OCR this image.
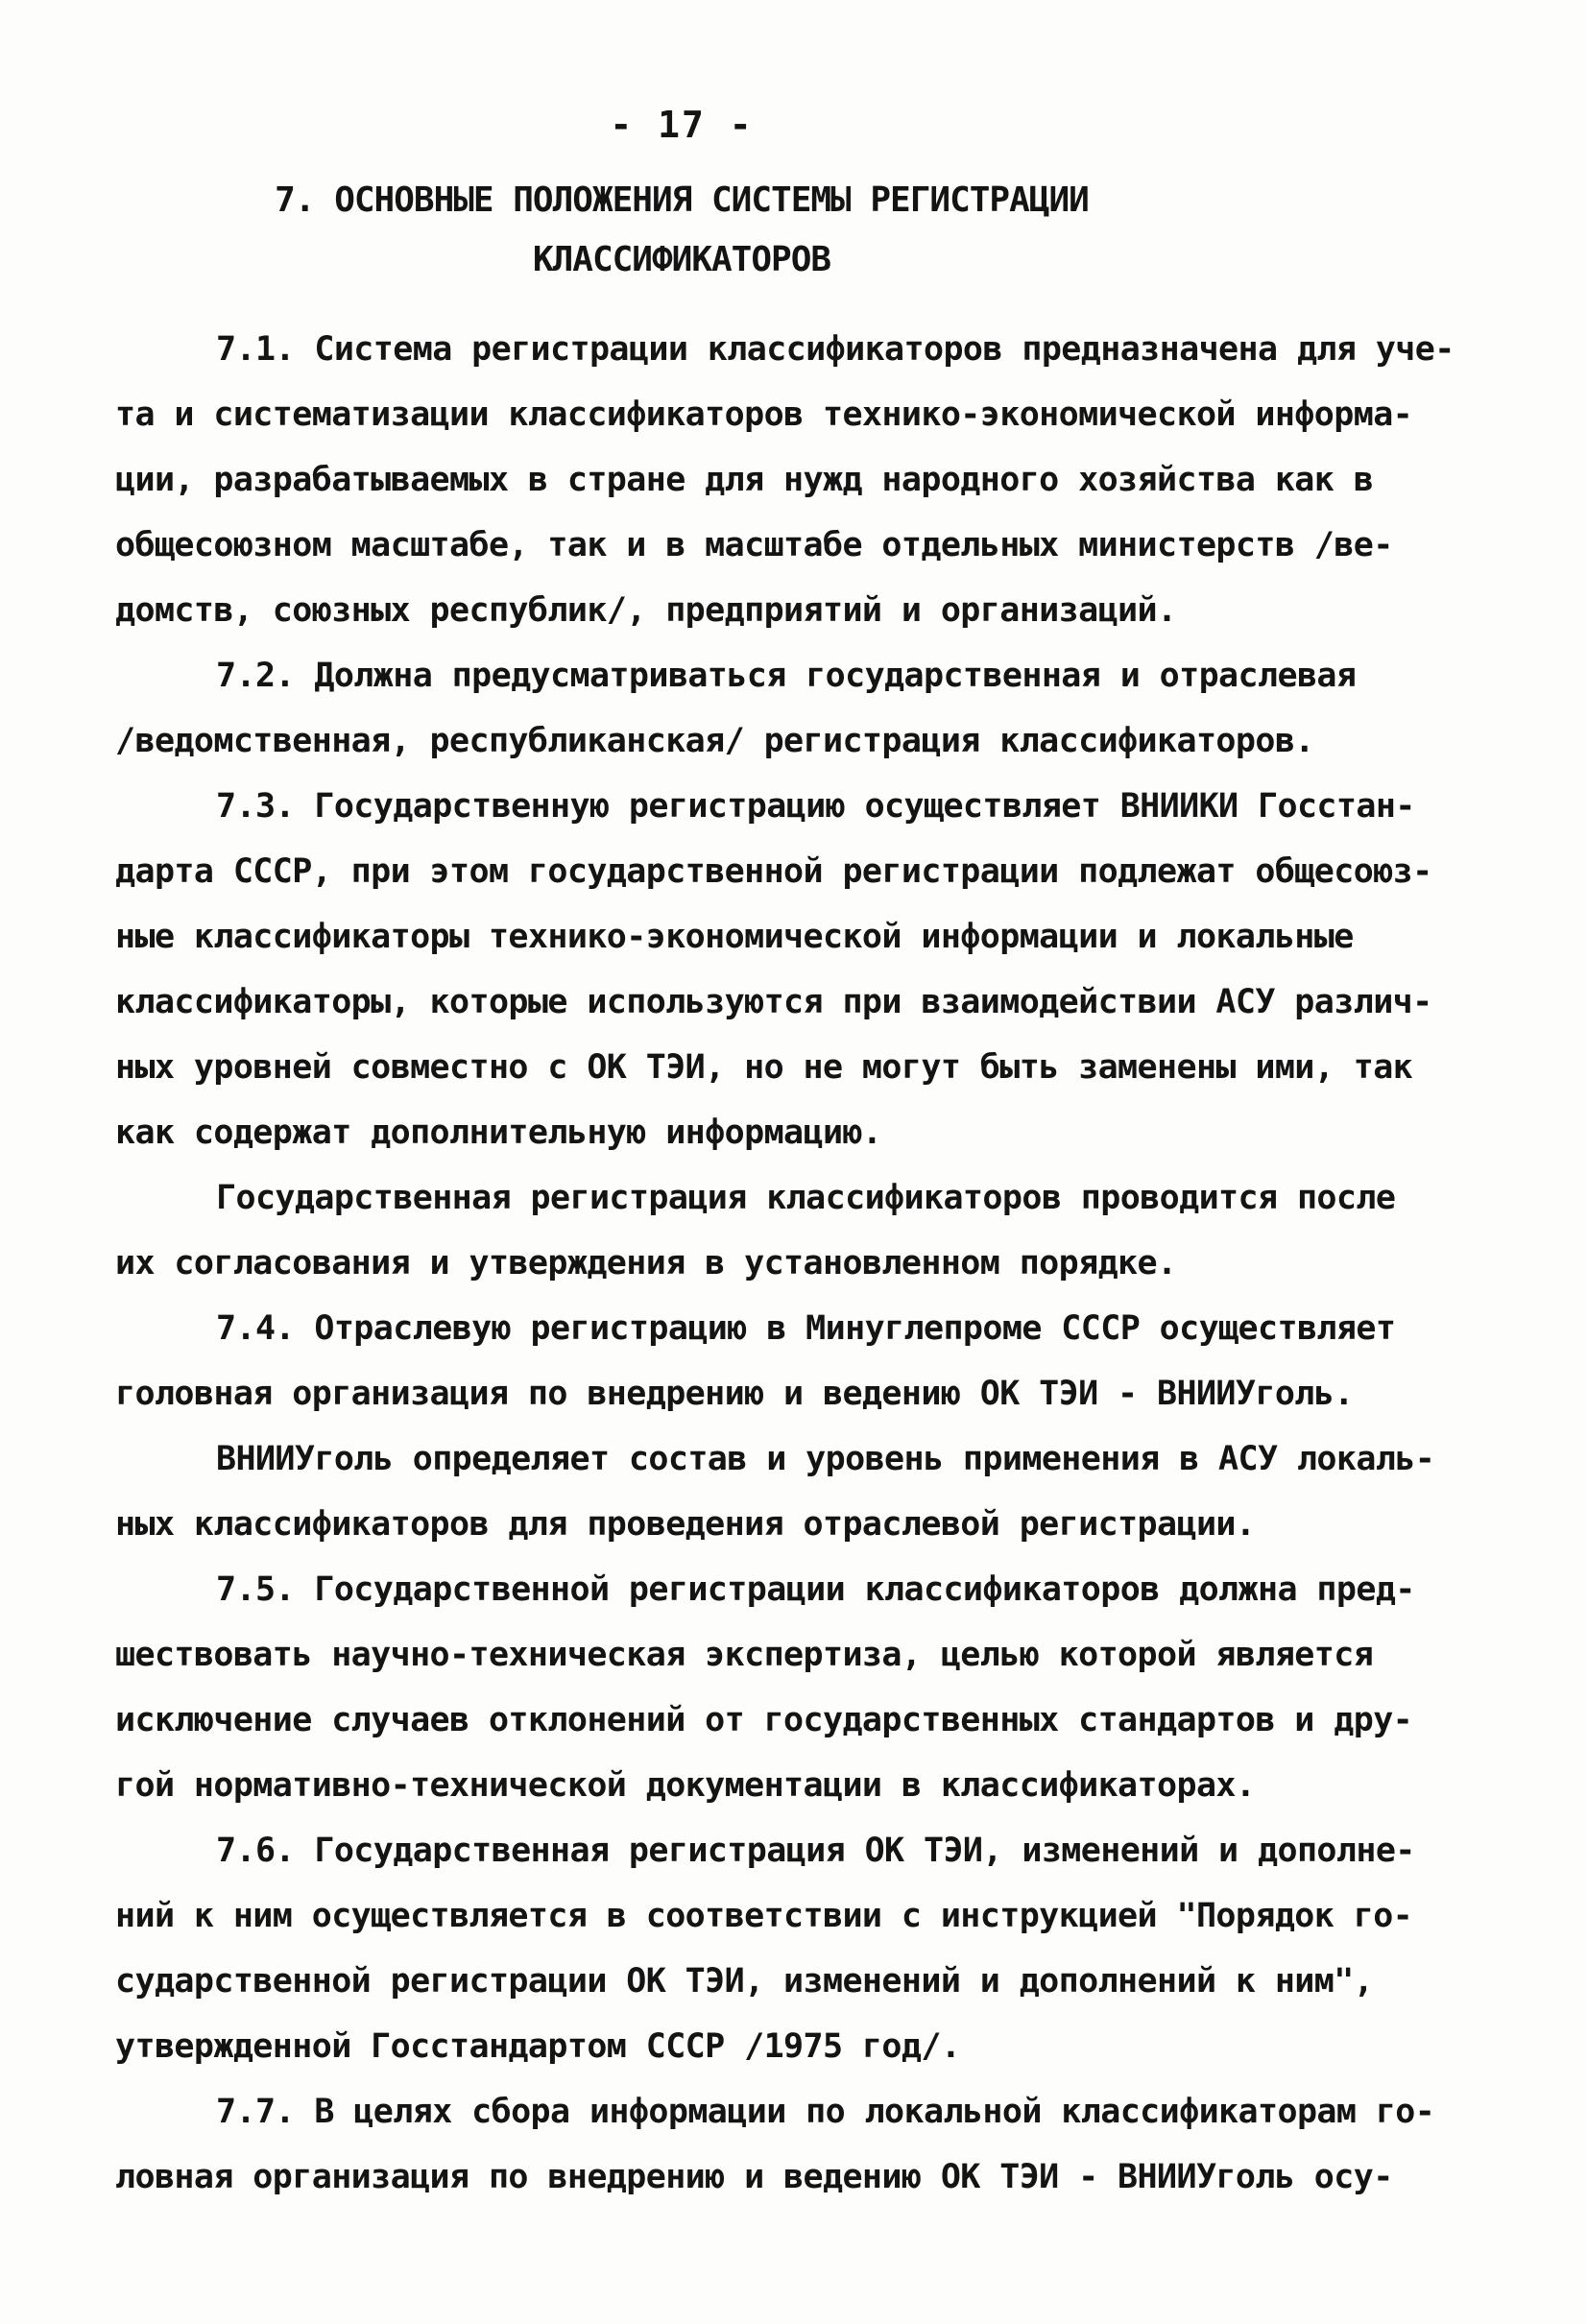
- 17 -
7. ОСНОВНЫЕ ПОЛОЖЕНИЯ СИСТЕМЫ РЕГИСТРАЦИИ
КЛАССИФИКАТОРОВ
7.1. Система регистрации классификаторов предназначена для уче-
та и систематизации классификаторов технико-экономической информа-
ции, разрабатываемых в стране для нужд народного хозяйства как в
общесоюзном масштабе, так и в масштабе отдельных министерств /ве-
домств, союзных республик/, предприятий и организаций.
7.2. Должна предусматриваться государственная и отраслевая
/ведомственная, республиканская/ регистрация классификаторов.
7.3. Государственную регистрацию осуществляет ВНИИКИ Госстан-
дарта СССР, при этом государственной регистрации подлежат общесоюз-
ные классификаторы технико-экономической информации и локальные
классификаторы, которые используются при взаимодействии АСУ различ-
ных уровней совместно с ОК ТЭИ, но не могут быть заменены ими, так
как содержат дополнительную информацию.
Государственная регистрация классификаторов проводится после
их согласования и утверждения в установленном порядке.
7.4. Отраслевую регистрацию в Минуглепроме СССР осуществляет
головная организация по внедрению и ведению ОК ТЭИ - ВНИИУголь.
ВНИИУголь определяет состав и уровень применения в АСУ локаль-
ных классификаторов для проведения отраслевой регистрации.
7.5. Государственной регистрации классификаторов должна пред-
шествовать научно-техническая экспертиза, целью которой является
исключение случаев отклонений от государственных стандартов и дру-
гой нормативно-технической документации в классификаторах.
7.6. Государственная регистрация ОК ТЭИ, изменений и дополне-
ний к ним осуществляется в соответствии с инструкцией "Порядок го-
сударственной регистрации ОК ТЭИ, изменений и дополнений к ним",
утвержденной Госстандартом СССР /1975 год/.
7.7. В целях сбора информации по локальной классификаторам го-
ловная организация по внедрению и ведению ОК ТЭИ - ВНИИУголь осу-
